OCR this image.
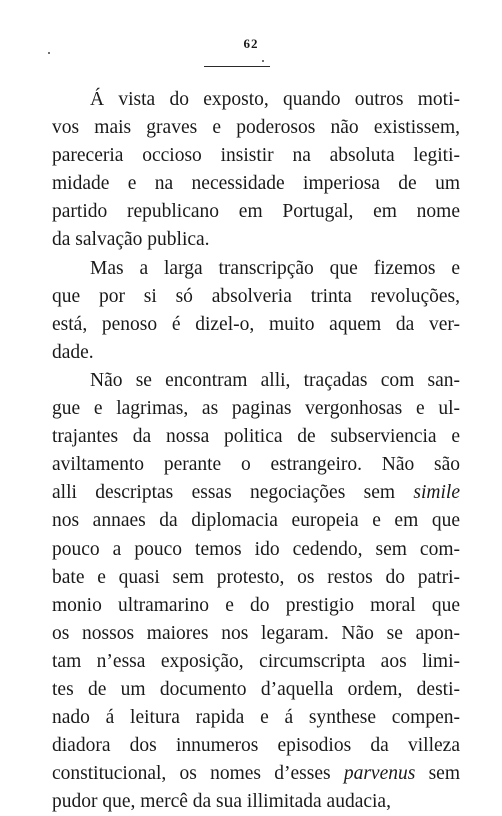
62
Á vista do exposto, quando outros moti-
vos mais graves e poderosos não existissem,
pareceria occioso insistir na absoluta legiti-
midade e na necessidade imperiosa de um
partido republicano em Portugal, em nome
da salvação publica.
Mas a larga transcripção que fizemos e
que por si só absolveria trinta revoluções,
está, penoso é dizel-o, muito aquem da ver-
dade.
Não se encontram alli, traçadas com san-
gue e lagrimas, as paginas vergonhosas e ul-
trajantes da nossa politica de subserviencia e
aviltamento perante o estrangeiro. Não são
alli descriptas essas negociações sem simile
nos annaes da diplomacia europeia e em que
pouco a pouco temos ido cedendo, sem com-
bate e quasi sem protesto, os restos do patri-
monio ultramarino e do prestigio moral que
os nossos maiores nos legaram. Não se apon-
tam n’essa exposição, circumscripta aos limi-
tes de um documento d’aquella ordem, desti-
nado á leitura rapida e á synthese compen-
diadora dos innumeros episodios da villeza
constitucional, os nomes d’esses parvenus sem
pudor que, mercê da sua illimitada audacia,
